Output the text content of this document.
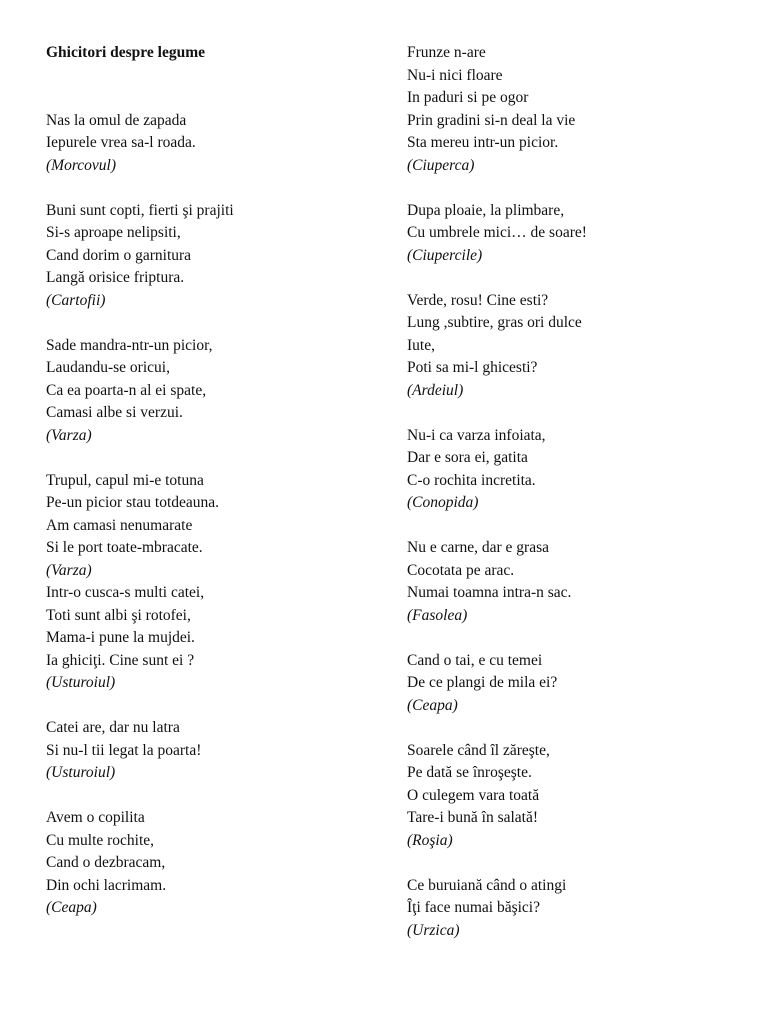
Ghicitori despre legume
Nas la omul de zapada
Iepurele vrea sa-l roada.
(Morcovul)
Buni sunt copti, fierti şi prajiti
Si-s aproape nelipsiti,
Cand dorim o garnitura
Langă orisice friptura.
(Cartofii)
Sade mandra-ntr-un picior,
Laudandu-se oricui,
Ca ea poarta-n al ei spate,
Camasi albe si verzui.
(Varza)
Trupul, capul mi-e totuna
Pe-un picior stau totdeauna.
Am camasi nenumarate
Si le port toate-mbracate.
(Varza)
Intr-o cusca-s multi catei,
Toti sunt albi şi rotofei,
Mama-i pune la mujdei.
Ia ghiciţi. Cine sunt ei ?
(Usturoiul)
Catei are, dar nu latra
Si nu-l tii legat la poarta!
(Usturoiul)
Avem o copilita
Cu multe rochite,
Cand o dezbracam,
Din ochi lacrimam.
(Ceapa)
Frunze n-are
Nu-i nici floare
In paduri si pe ogor
Prin gradini si-n deal la vie
Sta mereu intr-un picior.
(Ciuperca)
Dupa ploaie, la plimbare,
Cu umbrele mici… de soare!
(Ciupercile)
Verde, rosu! Cine esti?
Lung ,subtire, gras ori dulce
Iute,
Poti sa mi-l ghicesti?
(Ardeiul)
Nu-i ca varza infoiata,
Dar e sora ei, gatita
C-o rochita incretita.
(Conopida)
Nu e carne, dar e grasa
Cocotata pe arac.
Numai toamna intra-n sac.
(Fasolea)
Cand o tai, e cu temei
De ce plangi de mila ei?
(Ceapa)
Soarele când îl zăreşte,
Pe dată se înroşeşte.
O culegem vara toată
Tare-i bună în salată!
(Roşia)
Ce buruiană când o atingi
Îţi face numai băşici?
(Urzica)
